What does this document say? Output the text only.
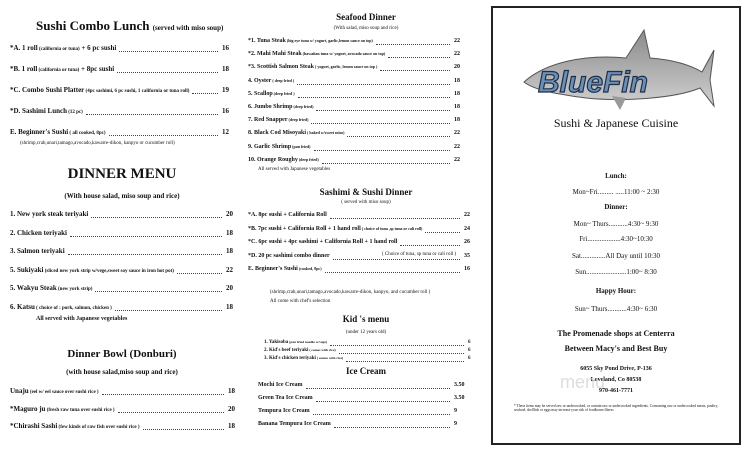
Sushi Combo Lunch (served with miso soup)
*A. 1 roll (california or tuna) + 6 pc sushi	16
*B. 1 roll (california or tuna) + 8pc sushi	18
*C. Combo Sushi Platter (4pc sashimi, 6 pc sushi, 1 california or tuna roll)	19
*D. Sashimi Lunch (12 pc)	16
E. Beginner's Sushi ( all cooked, 8pc)	12
(shrimp,crab,unari,tamago,avocado,kawarre-dikon, kanpyo or cucumber roll)
DINNER MENU
(With house salad, miso soup and rice)
1. New york steak teriyaki	20
2. Chicken teriyaki	18
3. Salmon teriyaki	18
5. Sukiyaki (sliced new york strip w/vege,sweet soy sauce in iron hot pot)	22
5. Wakyu Steak (new york strip)	20
6. Katsu ( choice of : pork, salmon, chicken )	18
All served with Japanese vegetables
Dinner Bowl (Donburi)
(with house salad,miso soup and rice)
Unaju (eel w/ eel sauce over sushi rice )	18
*Maguro ju (fresh raw tuna over sushi rice )	20
*Chirashi Sashi (few kinds of raw fish over sushi rice )	18
Seafood Dinner
(With salad, miso soup and rice)
*1. Tuna Steak (big eye tuna w/ yogurt, garlic,lemon sauce on top)	22
*2. Mahi Mahi Steak (hawaiian tuna w/ yogurt, avocado sauce on top)	22
*3. Scottish Salmon Steak ( yogurt, garlic, lemon sauce on top )	20
4. Oyster ( deep fried )	18
5. Scallop (deep fried )	18
6. Jumbo Shrimp (deep fried)	18
7. Red Snapper (deep fried)	18
8. Black Cod Misoyaki ( baked w/sweet miso)	22
9. Garlic Shrimp (pan fried)	22
10. Orange Roughy (deep fried)	22
All served with Japanese vegetables
Sashimi & Sushi Dinner
( served with miso soup)
*A. 8pc sushi + California Roll	22
*B. 7pc sushi + California Roll + 1 hand roll ( choice of tuna ,sp tuna or cali roll)	24
*C. 6pc sushi + 4pc sashimi + California Roll + 1 hand roll	26
*D. 20 pc sashimi combo dinner	35
E. Beginner's Sushi (cooked, 8pc)	16
( Choice of tuna, sp tuna or cali roll )
(shrimp,crab,unari,tamago,avocado,kawarre-dikon, kanpyo, and cucumber roll )
All come with chef's selection
Kid 's menu
(under 12 years old)
1. Yakisoba (pan fried noodle w/vege)	6
2. Kid's beef teriyaki ( comes with rice)	6
3. Kid's chicken teriyaki ( comes with rice)	6
Ice Cream
Mochi Ice Cream	3.50
Green Tea Ice Cream	3.50
Tempura Ice Cream	9
Banana Tempura Ice Cream	9
BlueFin
Sushi & Japanese Cuisine
Lunch:
Mon~Fri......... .....11:00 ~ 2:30
Dinner:
Mon~ Thurs...........4:30~ 9:30
Fri...................4:30~10:30
Sat..............All Day until 10:30
Sun.......................1:00~ 8:30
Happy Hour:
Sun~ Thurs...........4:30~ 6:30
The Promenade shops at Centerra
Between Macy's and Best Buy
6055 Sky Pond Drive, P-136
Loveland, Co 80538
970-461-7771
menu
* These items may be served raw or undercooked, or contain raw or undercooked ingredients. Consuming raw or undercooked meats, poultry, seafood, shellfish or eggs may increase your risk of foodborne illness
